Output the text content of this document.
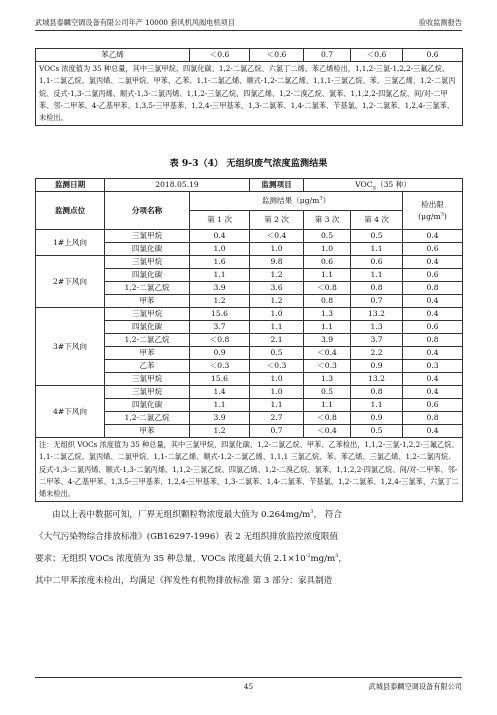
武城县泰麟空调设备有限公司年产 10000 套风机风阀电机项目	验收监测报告
苯乙烯	＜0.6	＜0.6	0.7	＜0.6	0.6
VOCs 浓度值为 35 种总量，其中三氯甲烷、四氯化碳、1,2-二氯乙烷、六氯丁二烯、苯乙烯检出，1,1,2-三氯-1,2,2-三氟乙烷、1,1-二氯乙烷、氯丙烯、二氯甲烷、甲苯、乙苯、1,1-二氯乙烯、顺式-1,2-二氯乙烯、1,1,1-三氯乙烷、苯、三氯乙烯、1,2-二氯丙烷、反式-1,3-二氯丙烯、顺式-1,3-二氯丙烯、1,1,2-三氯乙烷、四氯乙烯、1,2-二溴乙烷、氯苯、1,1,2,2-四氯乙烷、间/对-二甲苯、邻-二甲苯、4-乙基甲苯、1,3,5-三甲基苯、1,2,4-三甲基苯、1,3-二氯苯、1,4-二氯苯、苄基氯、1,2-二氯苯、1,2,4-三氯苯、未检出。
表 9-3（4） 无组织废气浓度监测结果
监测日期	2018.05.19		监测项目	$VOC_S(35$ 种）		
监测点位	分项名称	监测结果$(\mu g/m^3)$				检出限
$(\mu g/m^3)$
		第 1 次	第 2 次	第 3 次	第 4 次	
1#上风向	三氯甲烷	0.4	＜0.4	0.5	0.5	0.4
	四氯化碳	1.0	1.0	1.0	1.1	0.6
2#下风向	三氯甲烷	1.6	9.8	0.6	0.6	0.4
	四氯化碳	1.1	1.2	1.1	1.1	0.6
	1,2-二氯乙烷	3.9	3.6	＜0.8	0.8	0.8
	甲苯	1.2	1.2	0.8	0.7	0.4
3#下风向	三氯甲烷	15.6	1.0	1.3	13.2	0.4
	四氯化碳	3.7	1.1	1.1	1.3	0.6
	1,2-二氯乙烷	＜0.8	2.1	3.9	3.7	0.8
	甲苯	0.9	0.5	＜0.4	2.2	0.4
	乙苯	＜0.3	＜0.3	＜0.3	0.9	0.3
	三氯甲烷	15.6	1.0	1.3	13.2	0.4
4#下风向	三氯甲烷	1.4	1.0	0.5	0.8	0.4
	四氯化碳	1.1	1.1	1.1	1.1	0.6
	1,2-二氯乙烷	3.9	2.7	＜0.8	0.9	0.8
	甲苯	1.2	0.7	＜0.4	0.5	0.4
注：无组织 VOCs 浓度值为 35 种总量，其中三氯甲烷、四氯化碳、1,2-二氯乙烷、甲苯、乙苯检出，1,1,2-三氯-1,2,2-三氟乙烷、1,1-二氯乙烷、氯丙烯、二氯甲烷、1,1-二氯乙烯、顺式-1,2-二氯乙烯、1,1,1 三氯乙烷、苯、苯乙烯、三氯乙烯、1,2-二氯丙烷、反式-1,3-二氯丙烯、顺式-1,3-二氯丙烯、1,1,2-三氯乙烷、四氯乙烯、1,2-二溴乙烷、氯苯、1,1,2,2-四氯乙烷、间/对-二甲苯、邻-二甲苯、4-乙基甲苯、1,3,5-三甲基苯、1,2,4-三甲基苯、1,3-二氯苯、1,4-二氯苯、苄基氯、1,2-二氯苯、1,2,4-三氯苯、六氯丁二烯未检出。						
由以上表中数据可知，厂界无组织颗粒物浓度最大值为 $0.264mg/m^3$， 符合
《大气污染物综合排放标准》(GB16297-1996）表 2 无组织排放监控浓度限值
要求；无组织 VOCs 浓度值为 35 种总量，VOCs 浓度最大值 $2.1\times 10^{-2}mg/m^3$，
其中二甲苯浓度未检出，均满足《挥发性有机物排放标准 第 3 部分：家具制造
45	武城县泰麟空调设备有限公司
